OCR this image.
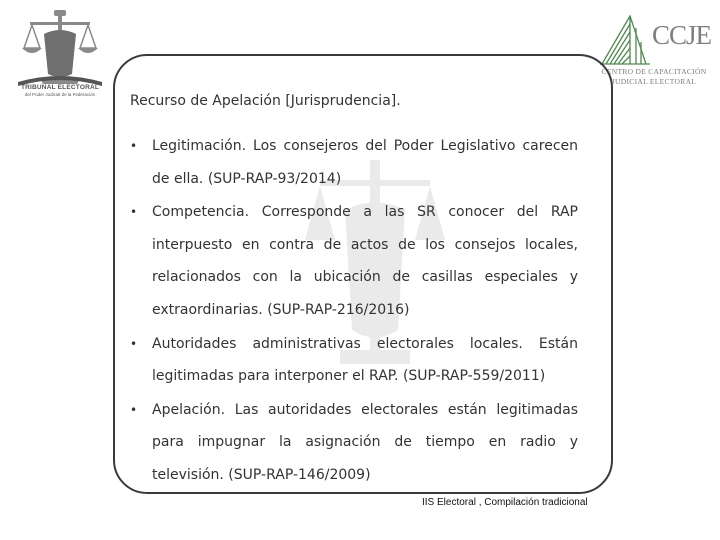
TRIBUNAL ELECTORAL
del Poder Judicial de la Federación
CCJE
CENTRO DE CAPACITACIÓN
JUDICIAL ELECTORAL
Recurso de Apelación [Jurisprudencia].
• Legitimación. Los consejeros del Poder Legislativo carecen de ella. (SUP-RAP-93/2014)
• Competencia. Corresponde a las SR conocer del RAP interpuesto en contra de actos de los consejos locales, relacionados con la ubicación de casillas especiales y extraordinarias. (SUP-RAP-216/2016)
• Autoridades administrativas electorales locales. Están legitimadas para interponer el RAP. (SUP-RAP-559/2011)
• Apelación. Las autoridades electorales están legitimadas para impugnar la asignación de tiempo en radio y televisión. (SUP-RAP-146/2009)
IIS Electoral , Compilación tradicional
